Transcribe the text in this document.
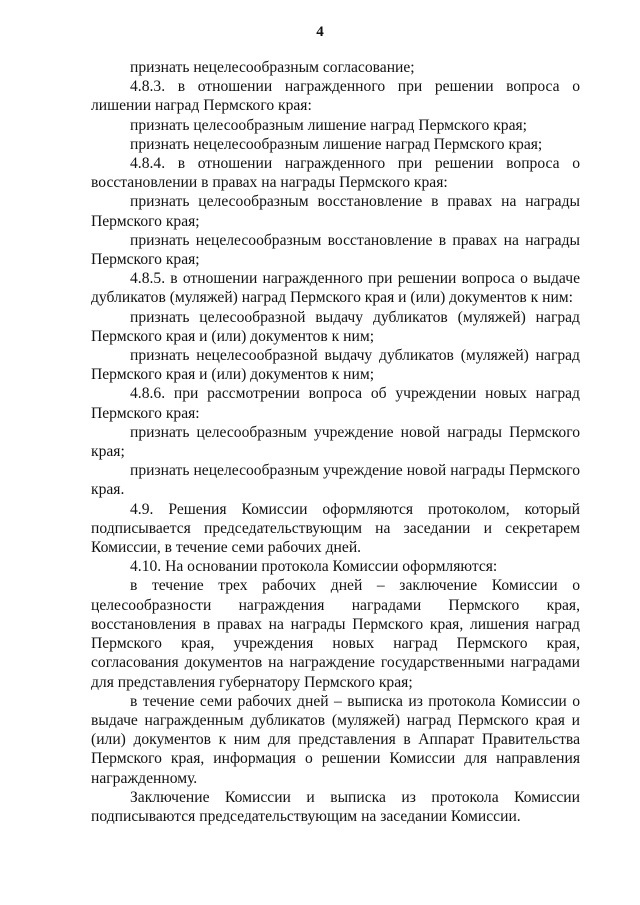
4

признать нецелесообразным согласование;

4.8.3. в отношении награжденного при решении вопроса о лишении наград Пермского края:

признать целесообразным лишение наград Пермского края;

признать нецелесообразным лишение наград Пермского края;

4.8.4. в отношении награжденного при решении вопроса о восстановлении в правах на награды Пермского края:

признать целесообразным восстановление в правах на награды Пермского края;

признать нецелесообразным восстановление в правах на награды Пермского края;

4.8.5. в отношении награжденного при решении вопроса о выдаче дубликатов (муляжей) наград Пермского края и (или) документов к ним:

признать целесообразной выдачу дубликатов (муляжей) наград Пермского края и (или) документов к ним;

признать нецелесообразной выдачу дубликатов (муляжей) наград Пермского края и (или) документов к ним;

4.8.6. при рассмотрении вопроса об учреждении новых наград Пермского края:

признать целесообразным учреждение новой награды Пермского края;

признать нецелесообразным учреждение новой награды Пермского края.

4.9. Решения Комиссии оформляются протоколом, который подписывается председательствующим на заседании и секретарем Комиссии, в течение семи рабочих дней.

4.10. На основании протокола Комиссии оформляются:

в течение трех рабочих дней – заключение Комиссии о целесообразности награждения наградами Пермского края, восстановления в правах на награды Пермского края, лишения наград Пермского края, учреждения новых наград Пермского края, согласования документов на награждение государственными наградами для представления губернатору Пермского края;

в течение семи рабочих дней – выписка из протокола Комиссии о выдаче награжденным дубликатов (муляжей) наград Пермского края и (или) документов к ним для представления в Аппарат Правительства Пермского края, информация о решении Комиссии для направления награжденному.

Заключение Комиссии и выписка из протокола Комиссии подписываются председательствующим на заседании Комиссии.
